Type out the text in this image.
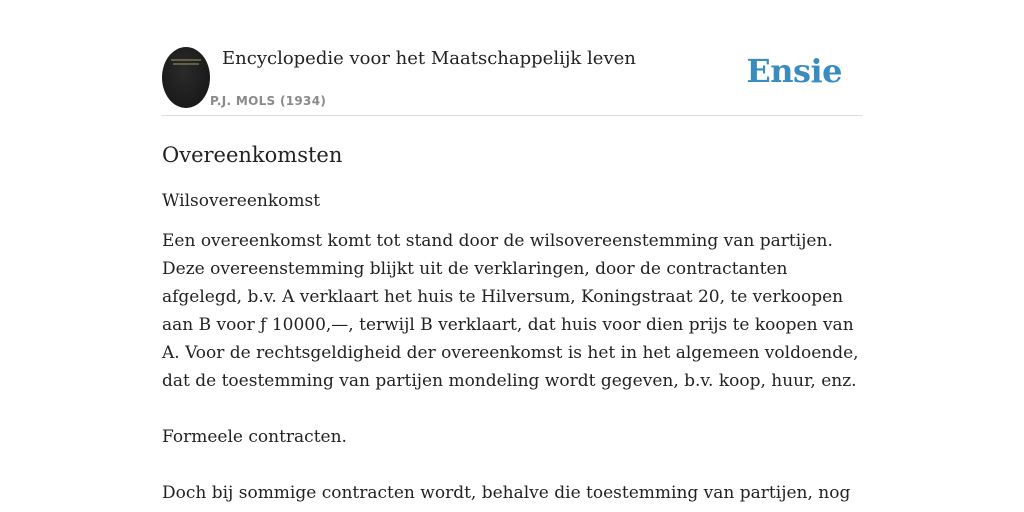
Encyclopedie voor het Maatschappelijk leven
P.J. MOLS (1934)
Ensie
Overeenkomsten

Wilsovereenkomst

Een overeenkomst komt tot stand door de wilsovereenstemming van partijen. Deze overeenstemming blijkt uit de verklaringen, door de contractanten afgelegd, b.v. A verklaart het huis te Hilversum, Koningstraat 20, te verkoopen aan B voor ƒ 10000,—, terwijl B verklaart, dat huis voor dien prijs te koopen van A. Voor de rechtsgeldigheid der overeenkomst is het in het algemeen voldoende, dat de toestemming van partijen mondeling wordt gegeven, b.v. koop, huur, enz.

Formeele contracten.

Doch bij sommige contracten wordt, behalve die toestemming van partijen, nog
